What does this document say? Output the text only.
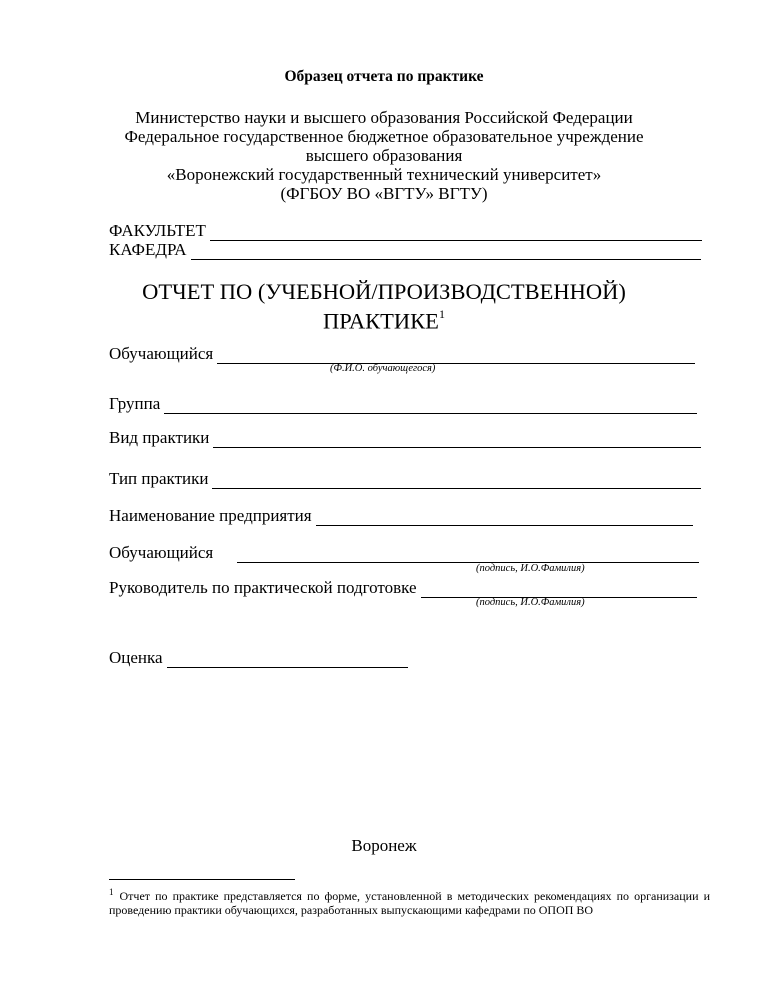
Образец отчета по практике
Министерство науки и высшего образования Российской Федерации
Федеральное государственное бюджетное образовательное учреждение
высшего образования
«Воронежский государственный технический университет»
(ФГБОУ ВО «ВГТУ» ВГТУ)
ФАКУЛЬТЕТ
КАФЕДРА
ОТЧЕТ ПО (УЧЕБНОЙ/ПРОИЗВОДСТВЕННОЙ)
ПРАКТИКЕ$^1$
Обучающийся
(Ф.И.О. обучающегося)
Группа
Вид практики
Тип практики
Наименование предприятия
Обучающийся
(подпись, И.О.Фамилия)
Руководитель по практической подготовке
(подпись, И.О.Фамилия)
Оценка
Воронеж
$^1$ Отчет по практике представляется по форме, установленной в методических рекомендациях по организации и проведению практики обучающихся, разработанных выпускающими кафедрами по ОПОП ВО
